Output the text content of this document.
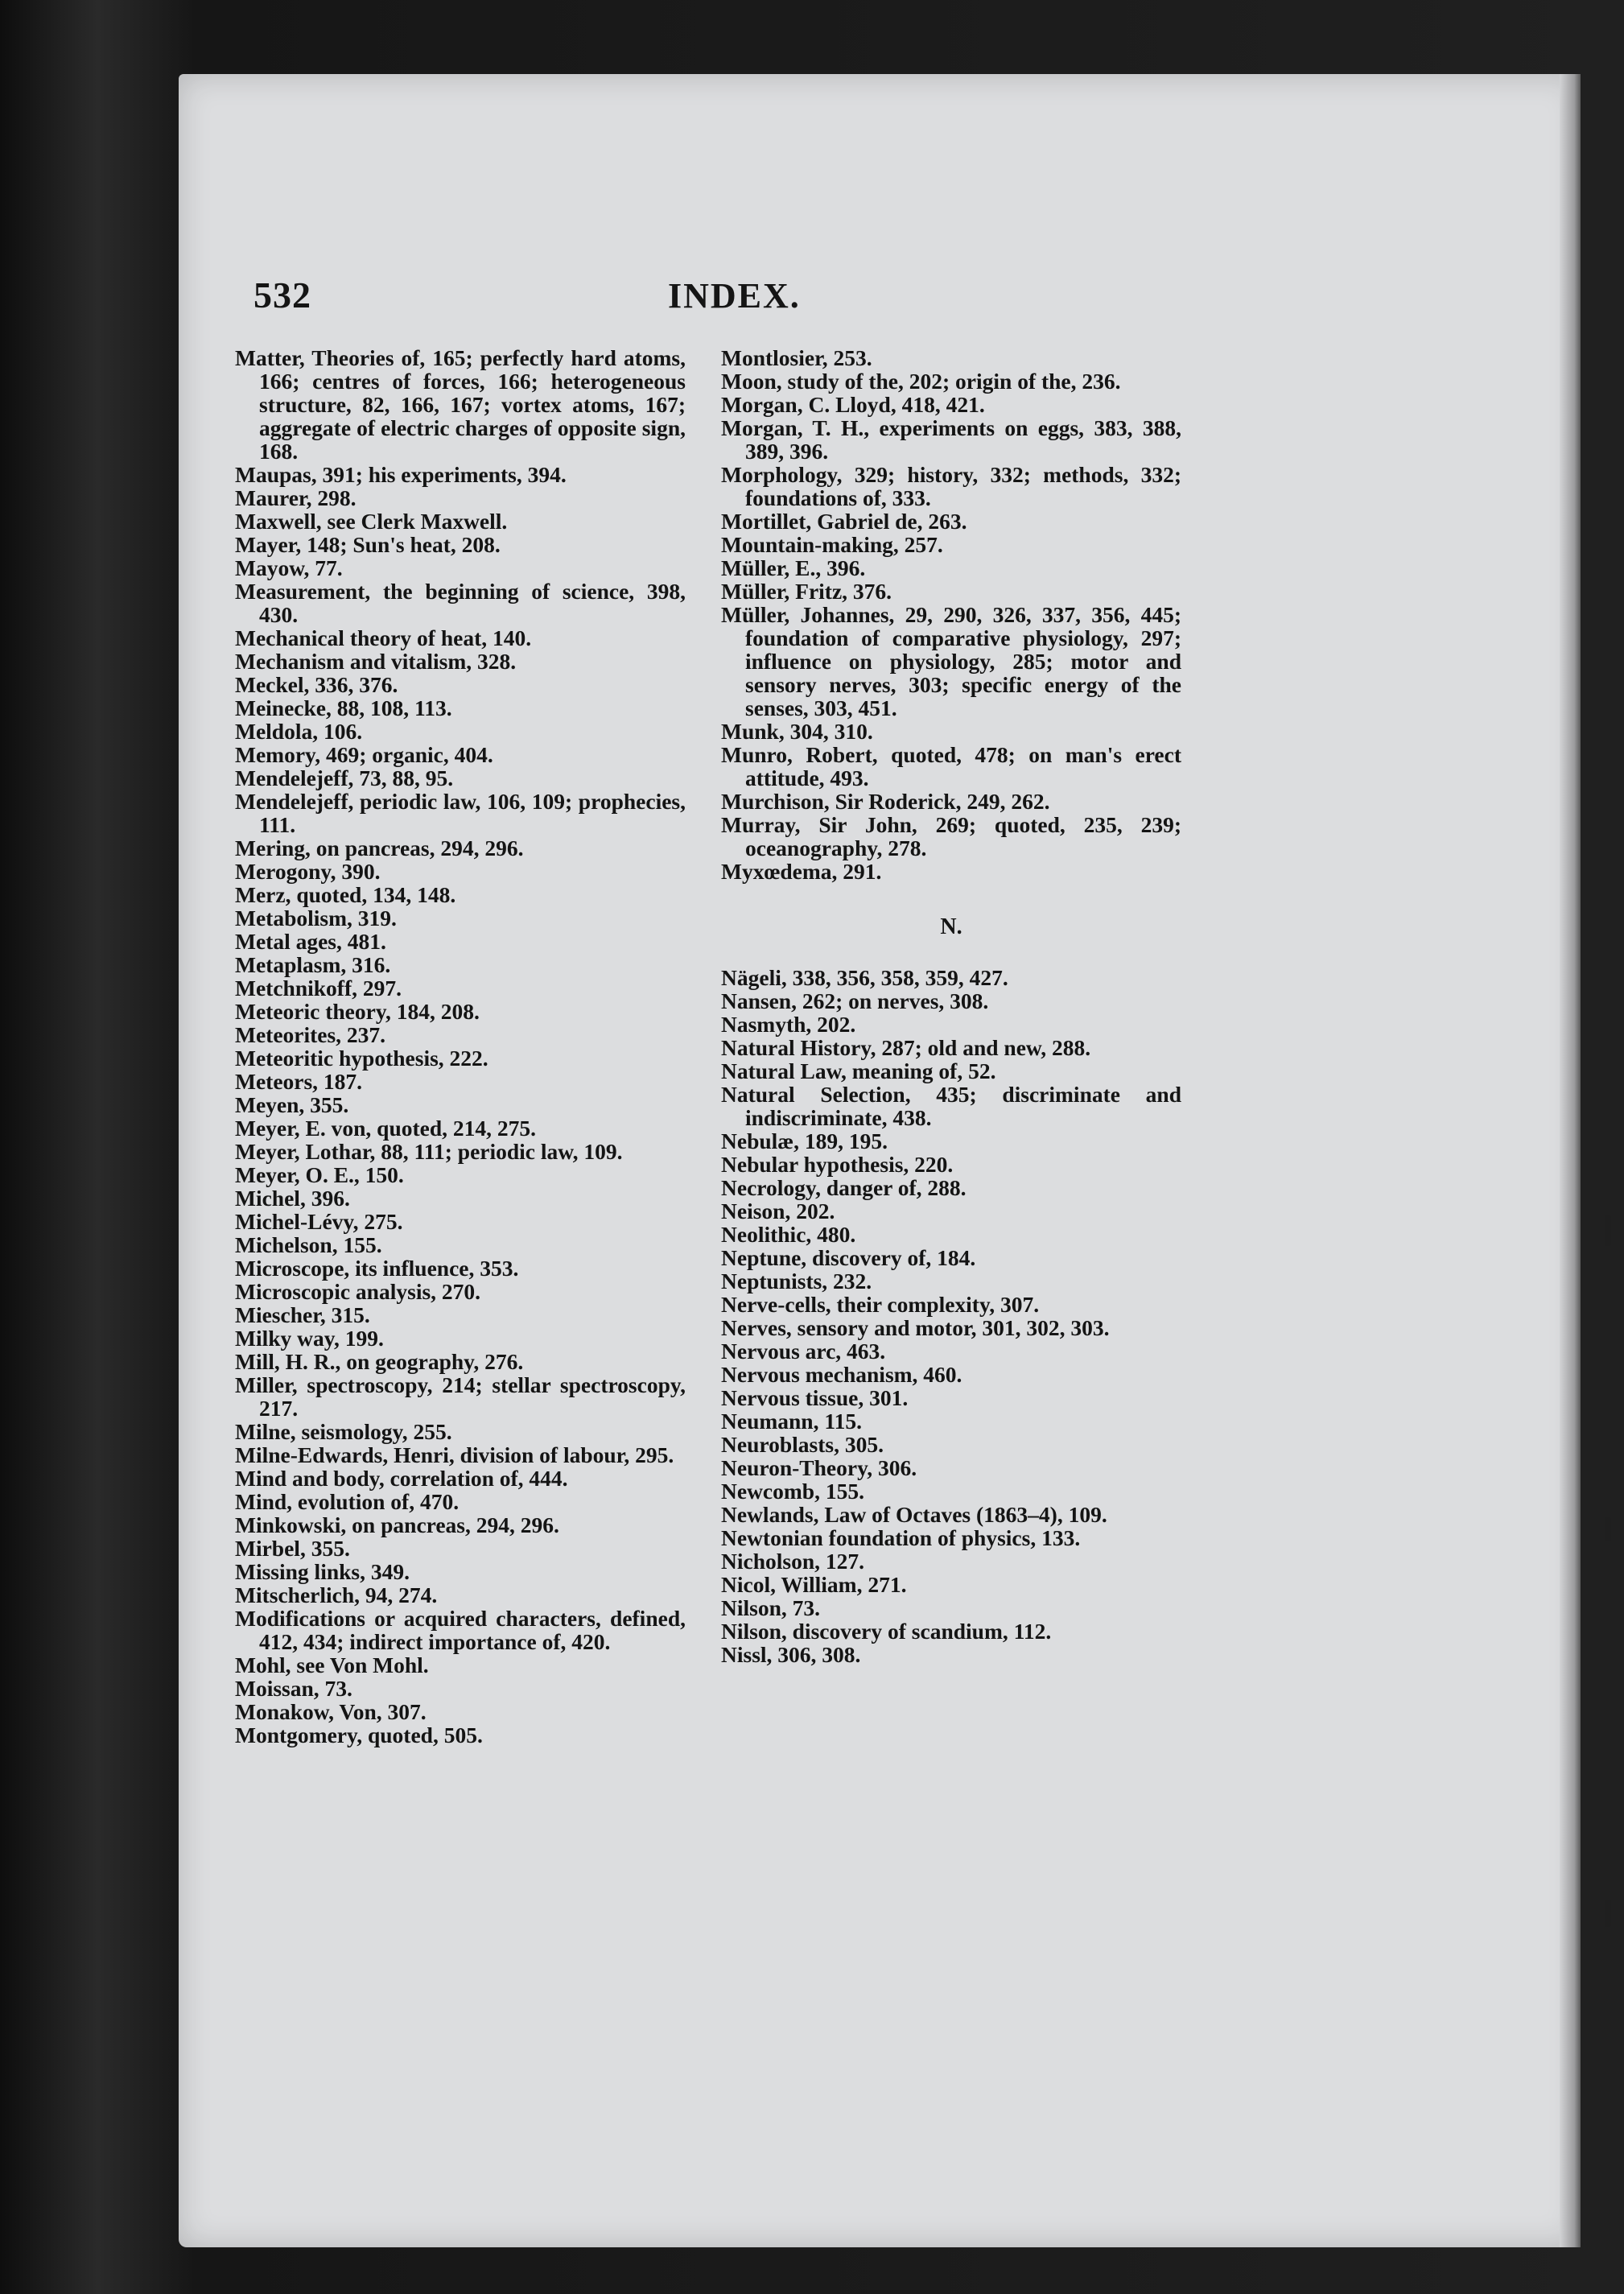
532	INDEX.

Matter, Theories of, 165; perfectly hard atoms, 166; centres of forces, 166; heterogeneous structure, 82, 166, 167; vortex atoms, 167; aggregate of electric charges of opposite sign, 168.

Maupas, 391; his experiments, 394.

Maurer, 298.

Maxwell, see Clerk Maxwell.

Mayer, 148; Sun's heat, 208.

Mayow, 77.

Measurement, the beginning of science, 398, 430.

Mechanical theory of heat, 140.

Mechanism and vitalism, 328.

Meckel, 336, 376.

Meinecke, 88, 108, 113.

Meldola, 106.

Memory, 469; organic, 404.

Mendelejeff, 73, 88, 95.

Mendelejeff, periodic law, 106, 109; prophecies, 111.

Mering, on pancreas, 294, 296.

Merogony, 390.

Merz, quoted, 134, 148.

Metabolism, 319.

Metal ages, 481.

Metaplasm, 316.

Metchnikoff, 297.

Meteoric theory, 184, 208.

Meteorites, 237.

Meteoritic hypothesis, 222.

Meteors, 187.

Meyen, 355.

Meyer, E. von, quoted, 214, 275.

Meyer, Lothar, 88, 111; periodic law, 109.

Meyer, O. E., 150.

Michel, 396.

Michel-Lévy, 275.

Michelson, 155.

Microscope, its influence, 353.

Microscopic analysis, 270.

Miescher, 315.

Milky way, 199.

Mill, H. R., on geography, 276.

Miller, spectroscopy, 214; stellar spectroscopy, 217.

Milne, seismology, 255.

Milne-Edwards, Henri, division of labour, 295.

Mind and body, correlation of, 444.

Mind, evolution of, 470.

Minkowski, on pancreas, 294, 296.

Mirbel, 355.

Missing links, 349.

Mitscherlich, 94, 274.

Modifications or acquired characters, defined, 412, 434; indirect importance of, 420.

Mohl, see Von Mohl.

Moissan, 73.

Monakow, Von, 307.

Montgomery, quoted, 505.

Montlosier, 253.

Moon, study of the, 202; origin of the, 236.

Morgan, C. Lloyd, 418, 421.

Morgan, T. H., experiments on eggs, 383, 388, 389, 396.

Morphology, 329; history, 332; methods, 332; foundations of, 333.

Mortillet, Gabriel de, 263.

Mountain-making, 257.

Müller, E., 396.

Müller, Fritz, 376.

Müller, Johannes, 29, 290, 326, 337, 356, 445; foundation of comparative physiology, 297; influence on physiology, 285; motor and sensory nerves, 303; specific energy of the senses, 303, 451.

Munk, 304, 310.

Munro, Robert, quoted, 478; on man's erect attitude, 493.

Murchison, Sir Roderick, 249, 262.

Murray, Sir John, 269; quoted, 235, 239; oceanography, 278.

Myxœdema, 291.

N.

Nägeli, 338, 356, 358, 359, 427.

Nansen, 262; on nerves, 308.

Nasmyth, 202.

Natural History, 287; old and new, 288.

Natural Law, meaning of, 52.

Natural Selection, 435; discriminate and indiscriminate, 438.

Nebulæ, 189, 195.

Nebular hypothesis, 220.

Necrology, danger of, 288.

Neison, 202.

Neolithic, 480.

Neptune, discovery of, 184.

Neptunists, 232.

Nerve-cells, their complexity, 307.

Nerves, sensory and motor, 301, 302, 303.

Nervous arc, 463.

Nervous mechanism, 460.

Nervous tissue, 301.

Neumann, 115.

Neuroblasts, 305.

Neuron-Theory, 306.

Newcomb, 155.

Newlands, Law of Octaves (1863–4), 109.

Newtonian foundation of physics, 133.

Nicholson, 127.

Nicol, William, 271.

Nilson, 73.

Nilson, discovery of scandium, 112.

Nissl, 306, 308.
